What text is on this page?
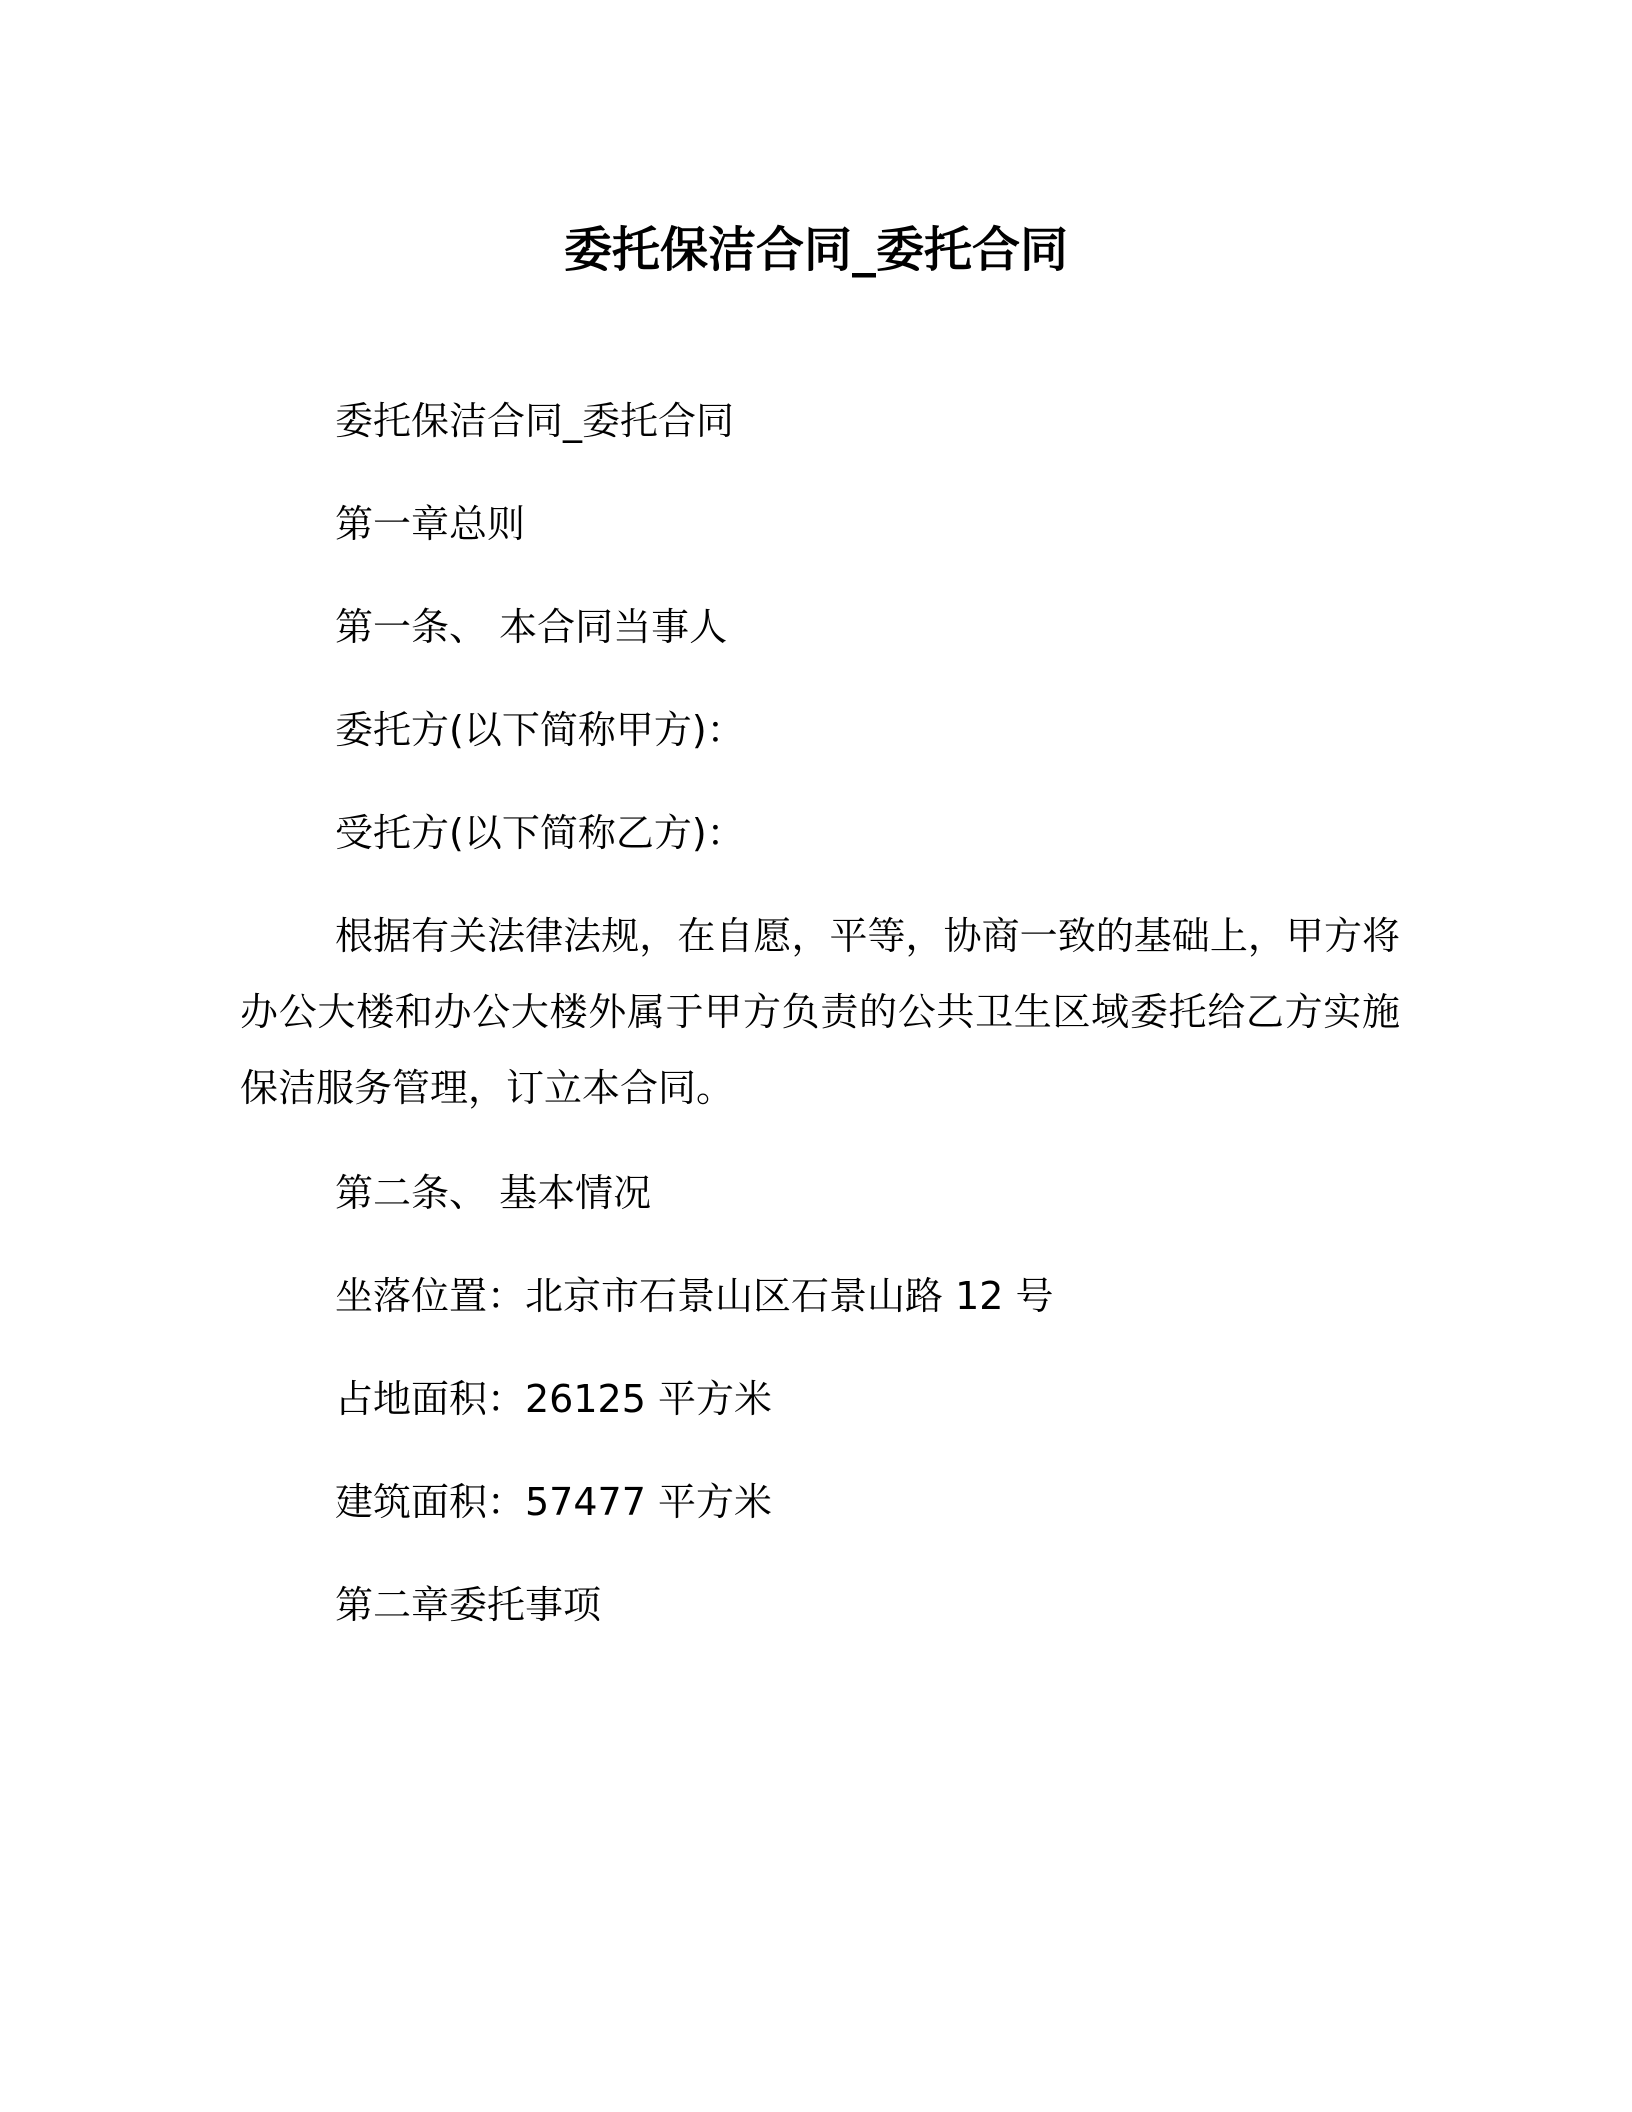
委托保洁合同_委托合同
委托保洁合同_委托合同
第一章总则
第一条、 本合同当事人
委托方(以下简称甲方)：
受托方(以下简称乙方)：
根据有关法律法规，在自愿，平等，协商一致的基础上，甲方将办公大楼和办公大楼外属于甲方负责的公共卫生区域委托给乙方实施保洁服务管理，订立本合同。
第二条、 基本情况
坐落位置：北京市石景山区石景山路 12 号
占地面积：26125 平方米
建筑面积：57477 平方米
第二章委托事项
